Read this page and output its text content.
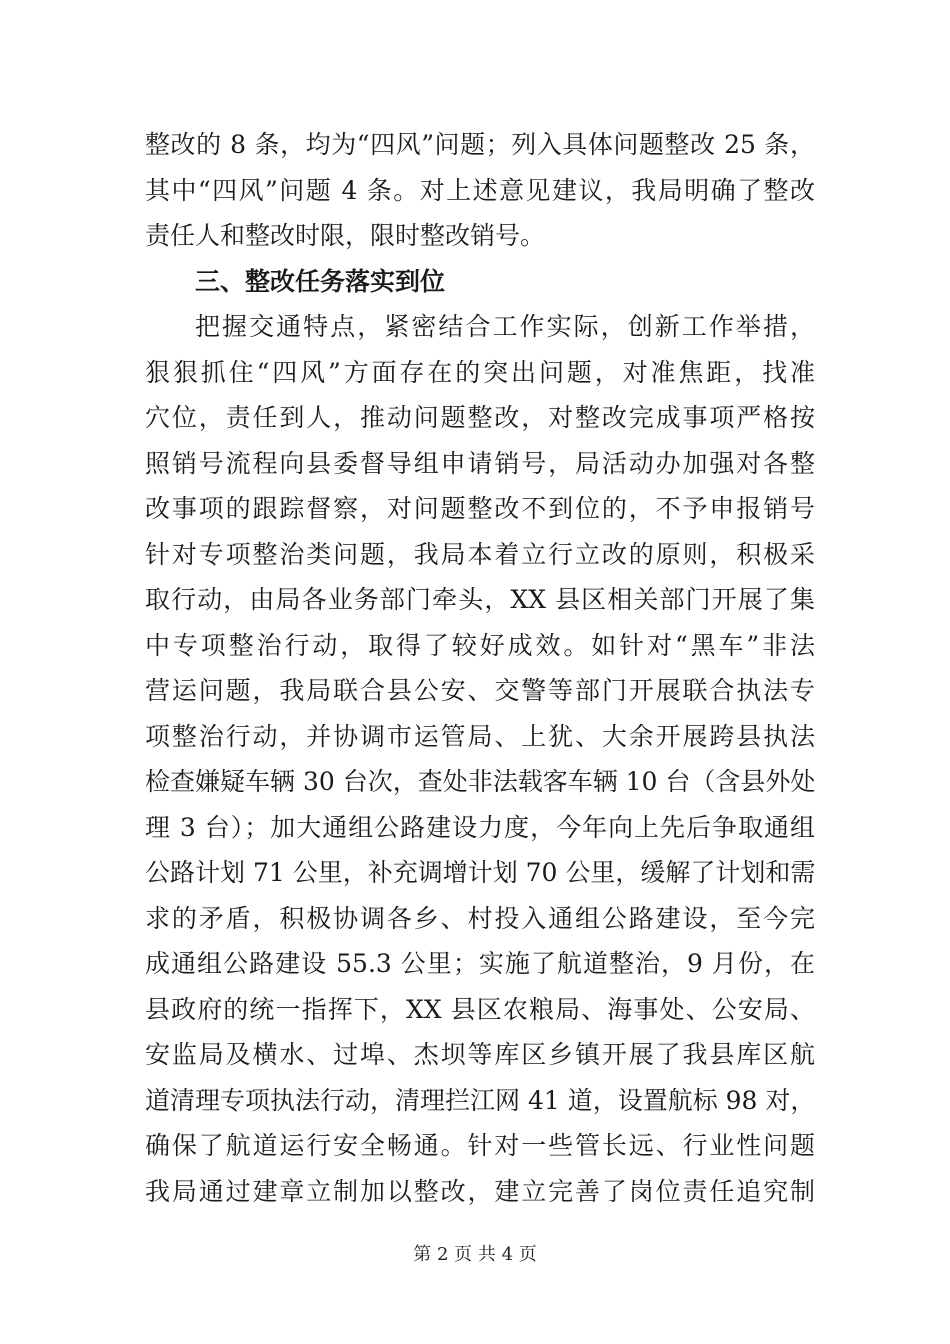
整改的 8 条，均为“四风”问题；列入具体问题整改 25 条，
其中“四风”问题 4 条。对上述意见建议，我局明确了整改
责任人和整改时限，限时整改销号。
三、整改任务落实到位
把握交通特点，紧密结合工作实际，创新工作举措，
狠狠抓住“四风”方面存在的突出问题，对准焦距，找准
穴位，责任到人，推动问题整改，对整改完成事项严格按
照销号流程向县委督导组申请销号，局活动办加强对各整
改事项的跟踪督察，对问题整改不到位的，不予申报销号
针对专项整治类问题，我局本着立行立改的原则，积极采
取行动，由局各业务部门牵头，XX 县区相关部门开展了集
中专项整治行动，取得了较好成效。如针对“黑车”非法
营运问题，我局联合县公安、交警等部门开展联合执法专
项整治行动，并协调市运管局、上犹、大余开展跨县执法
检查嫌疑车辆 30 台次，查处非法载客车辆 10 台（含县外处
理 3 台）；加大通组公路建设力度，今年向上先后争取通组
公路计划 71 公里，补充调增计划 70 公里，缓解了计划和需
求的矛盾，积极协调各乡、村投入通组公路建设，至今完
成通组公路建设 55.3 公里；实施了航道整治，9 月份，在
县政府的统一指挥下，XX 县区农粮局、海事处、公安局、
安监局及横水、过埠、杰坝等库区乡镇开展了我县库区航
道清理专项执法行动，清理拦江网 41 道，设置航标 98 对，
确保了航道运行安全畅通。针对一些管长远、行业性问题
我局通过建章立制加以整改，建立完善了岗位责任追究制
第 2 页 共 4 页
